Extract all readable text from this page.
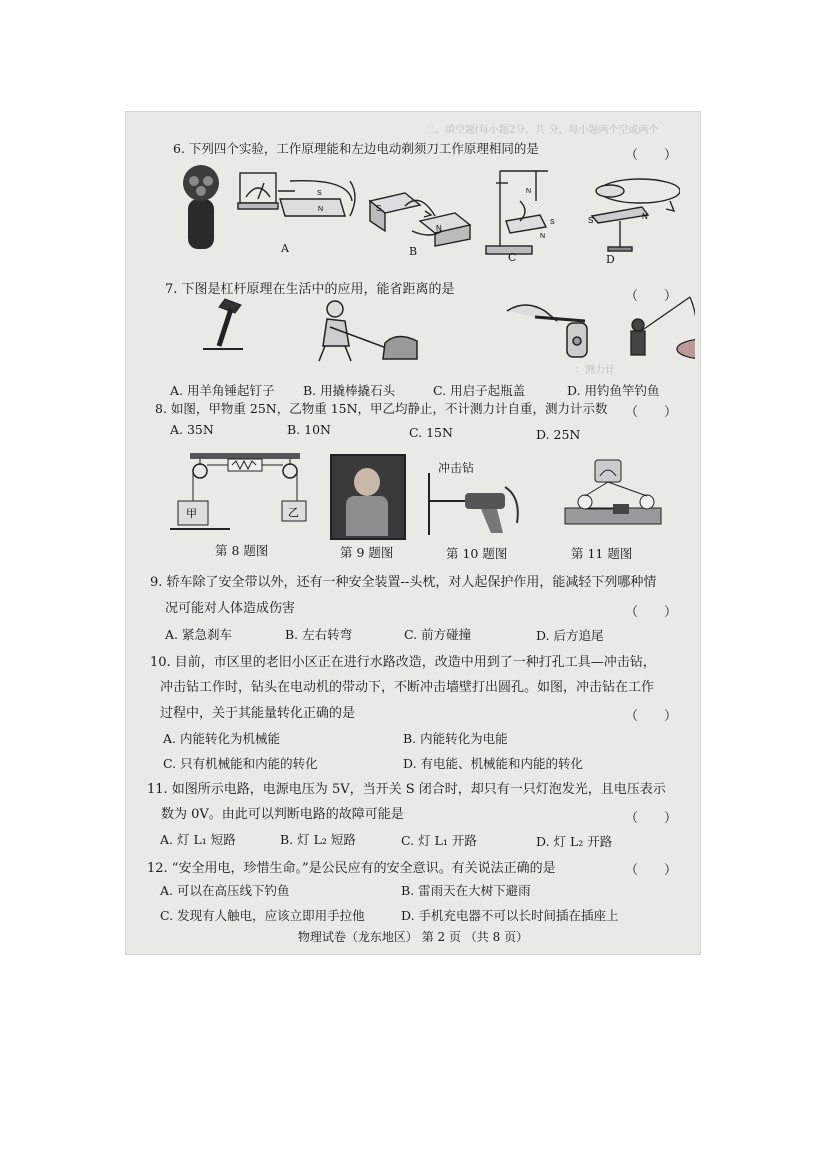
二、填空题(每小题2分，共 分，每小题两个空或两个
：测力计
6. 下列四个实验，工作原理能和左边电动剃须刀工作原理相同的是	（　　）
S
N	S
N
N
S
N
S	N
A	B	C	D
7. 下图是杠杆原理在生活中的应用，能省距离的是	（　　）
A. 用羊角锤起钉子 B. 用撬棒撬石头	C. 用启子起瓶盖	D. 用钓鱼竿钓鱼
8. 如图，甲物重 25N，乙物重 15N，甲乙均静止，不计测力计自重，测力计示数 （　　）
A. 35N	B. 10N	C. 15N	D. 25N
甲	乙
冲击钻
第 8 题图	第 9 题图	第 10 题图	第 11 题图
9. 轿车除了安全带以外，还有一种安全装置--头枕，对人起保护作用，能减轻下列哪种情
况可能对人体造成伤害	（　　）
A. 紧急刹车	B. 左右转弯	C. 前方碰撞	D. 后方追尾
10. 目前，市区里的老旧小区正在进行水路改造，改造中用到了一种打孔工具—冲击钻，
冲击钻工作时，钻头在电动机的带动下，不断冲击墙壁打出圆孔。如图，冲击钻在工作
过程中，关于其能量转化正确的是	（　　）
A. 内能转化为机械能	B. 内能转化为电能
C. 只有机械能和内能的转化	D. 有电能、机械能和内能的转化
11. 如图所示电路，电源电压为 5V，当开关 S 闭合时，却只有一只灯泡发光，且电压表示
数为 0V。由此可以判断电路的故障可能是	（　　）
A. 灯 L₁ 短路	B. 灯 L₂ 短路	C. 灯 L₁ 开路	D. 灯 L₂ 开路
12. “安全用电，珍惜生命。”是公民应有的安全意识。有关说法正确的是	（　　）
A. 可以在高压线下钓鱼	B. 雷雨天在大树下避雨
C. 发现有人触电，应该立即用手拉他	D. 手机充电器不可以长时间插在插座上
物理试卷（龙东地区） 第 2 页 （共 8 页）
